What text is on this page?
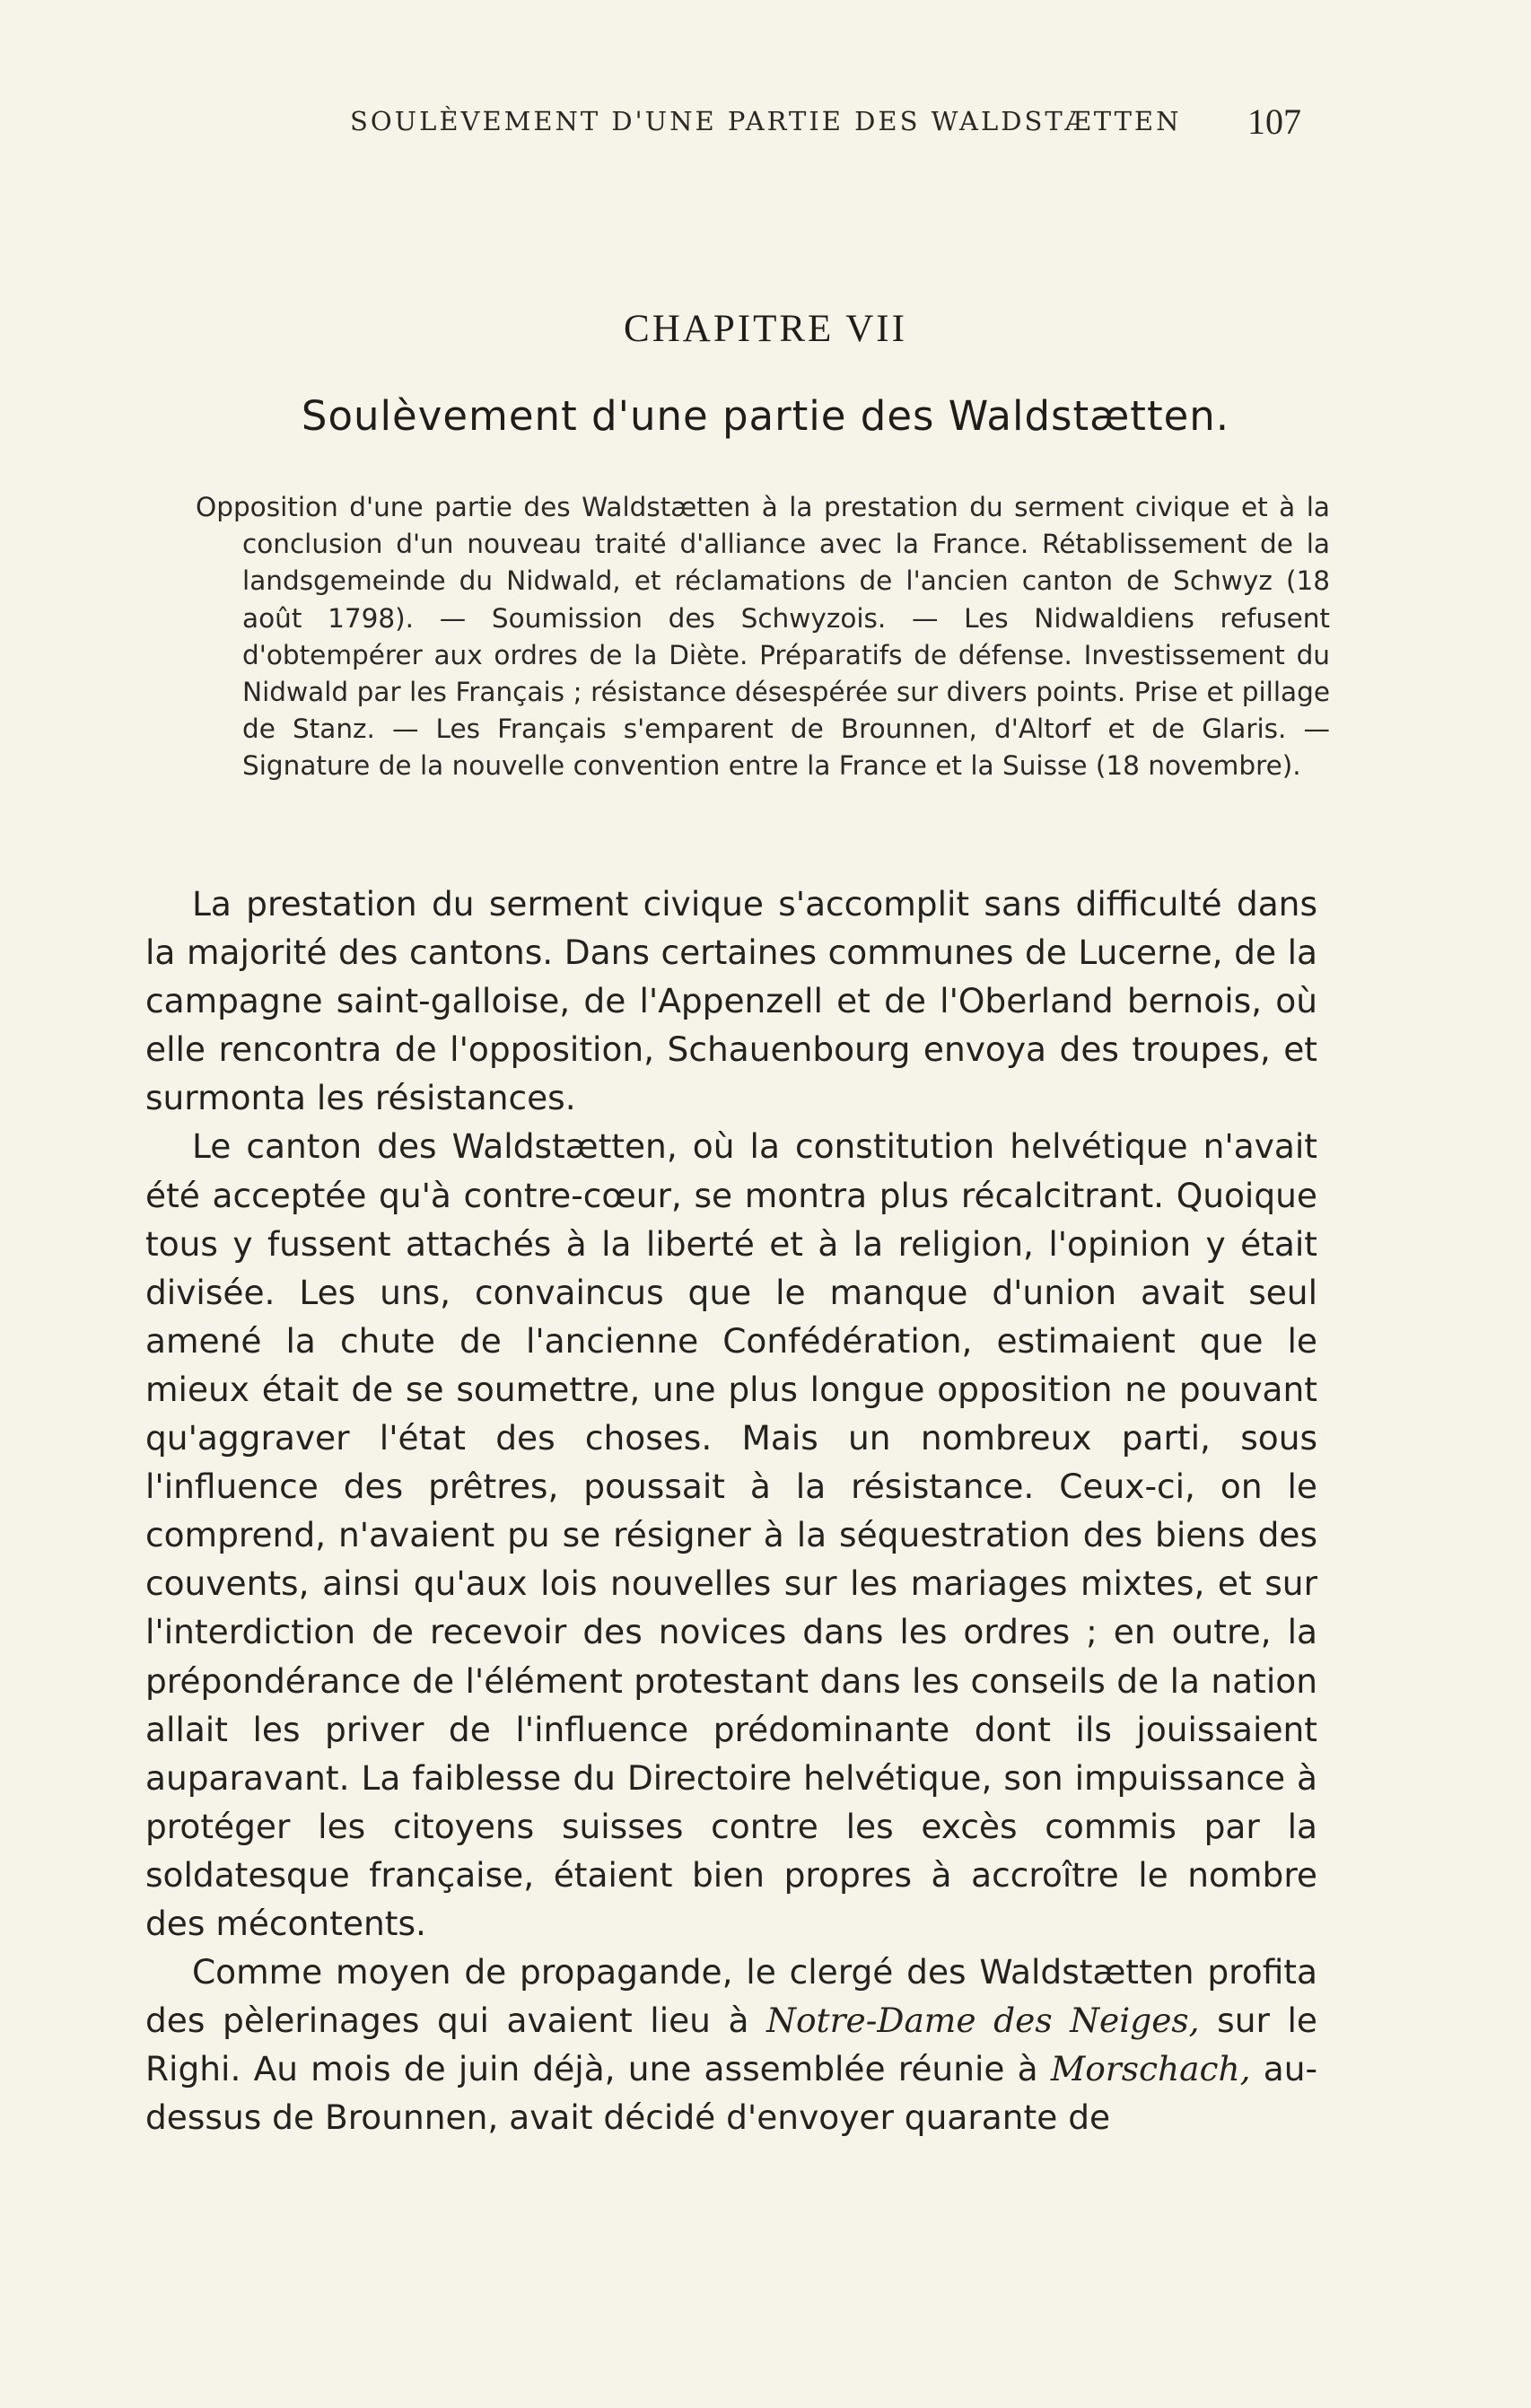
SOULÈVEMENT D'UNE PARTIE DES WALDSTÆTTEN 107
CHAPITRE VII
Soulèvement d'une partie des Waldstætten.
Opposition d'une partie des Waldstætten à la prestation du serment civique et à la conclusion d'un nouveau traité d'alliance avec la France. Rétablissement de la landsgemeinde du Nidwald, et réclamations de l'ancien canton de Schwyz (18 août 1798). — Soumission des Schwyzois. — Les Nidwaldiens refusent d'obtempérer aux ordres de la Diète. Préparatifs de défense. Investissement du Nidwald par les Français ; résistance désespérée sur divers points. Prise et pillage de Stanz. — Les Français s'emparent de Brounnen, d'Altorf et de Glaris. — Signature de la nouvelle convention entre la France et la Suisse (18 novembre).

La prestation du serment civique s'accomplit sans difficulté dans la majorité des cantons. Dans certaines communes de Lucerne, de la campagne saint-galloise, de l'Appenzell et de l'Oberland bernois, où elle rencontra de l'opposition, Schauenbourg envoya des troupes, et surmonta les résistances.

Le canton des Waldstætten, où la constitution helvétique n'avait été acceptée qu'à contre-cœur, se montra plus récalcitrant. Quoique tous y fussent attachés à la liberté et à la religion, l'opinion y était divisée. Les uns, convaincus que le manque d'union avait seul amené la chute de l'ancienne Confédération, estimaient que le mieux était de se soumettre, une plus longue opposition ne pouvant qu'aggraver l'état des choses. Mais un nombreux parti, sous l'influence des prêtres, poussait à la résistance. Ceux-ci, on le comprend, n'avaient pu se résigner à la séquestration des biens des couvents, ainsi qu'aux lois nouvelles sur les mariages mixtes, et sur l'interdiction de recevoir des novices dans les ordres ; en outre, la prépondérance de l'élément protestant dans les conseils de la nation allait les priver de l'influence prédominante dont ils jouissaient auparavant. La faiblesse du Directoire helvétique, son impuissance à protéger les citoyens suisses contre les excès commis par la soldatesque française, étaient bien propres à accroître le nombre des mécontents.

Comme moyen de propagande, le clergé des Waldstætten profita des pèlerinages qui avaient lieu à Notre-Dame des Neiges, sur le Righi. Au mois de juin déjà, une assemblée réunie à Morschach, au-dessus de Brounnen, avait décidé d'envoyer quarante de
